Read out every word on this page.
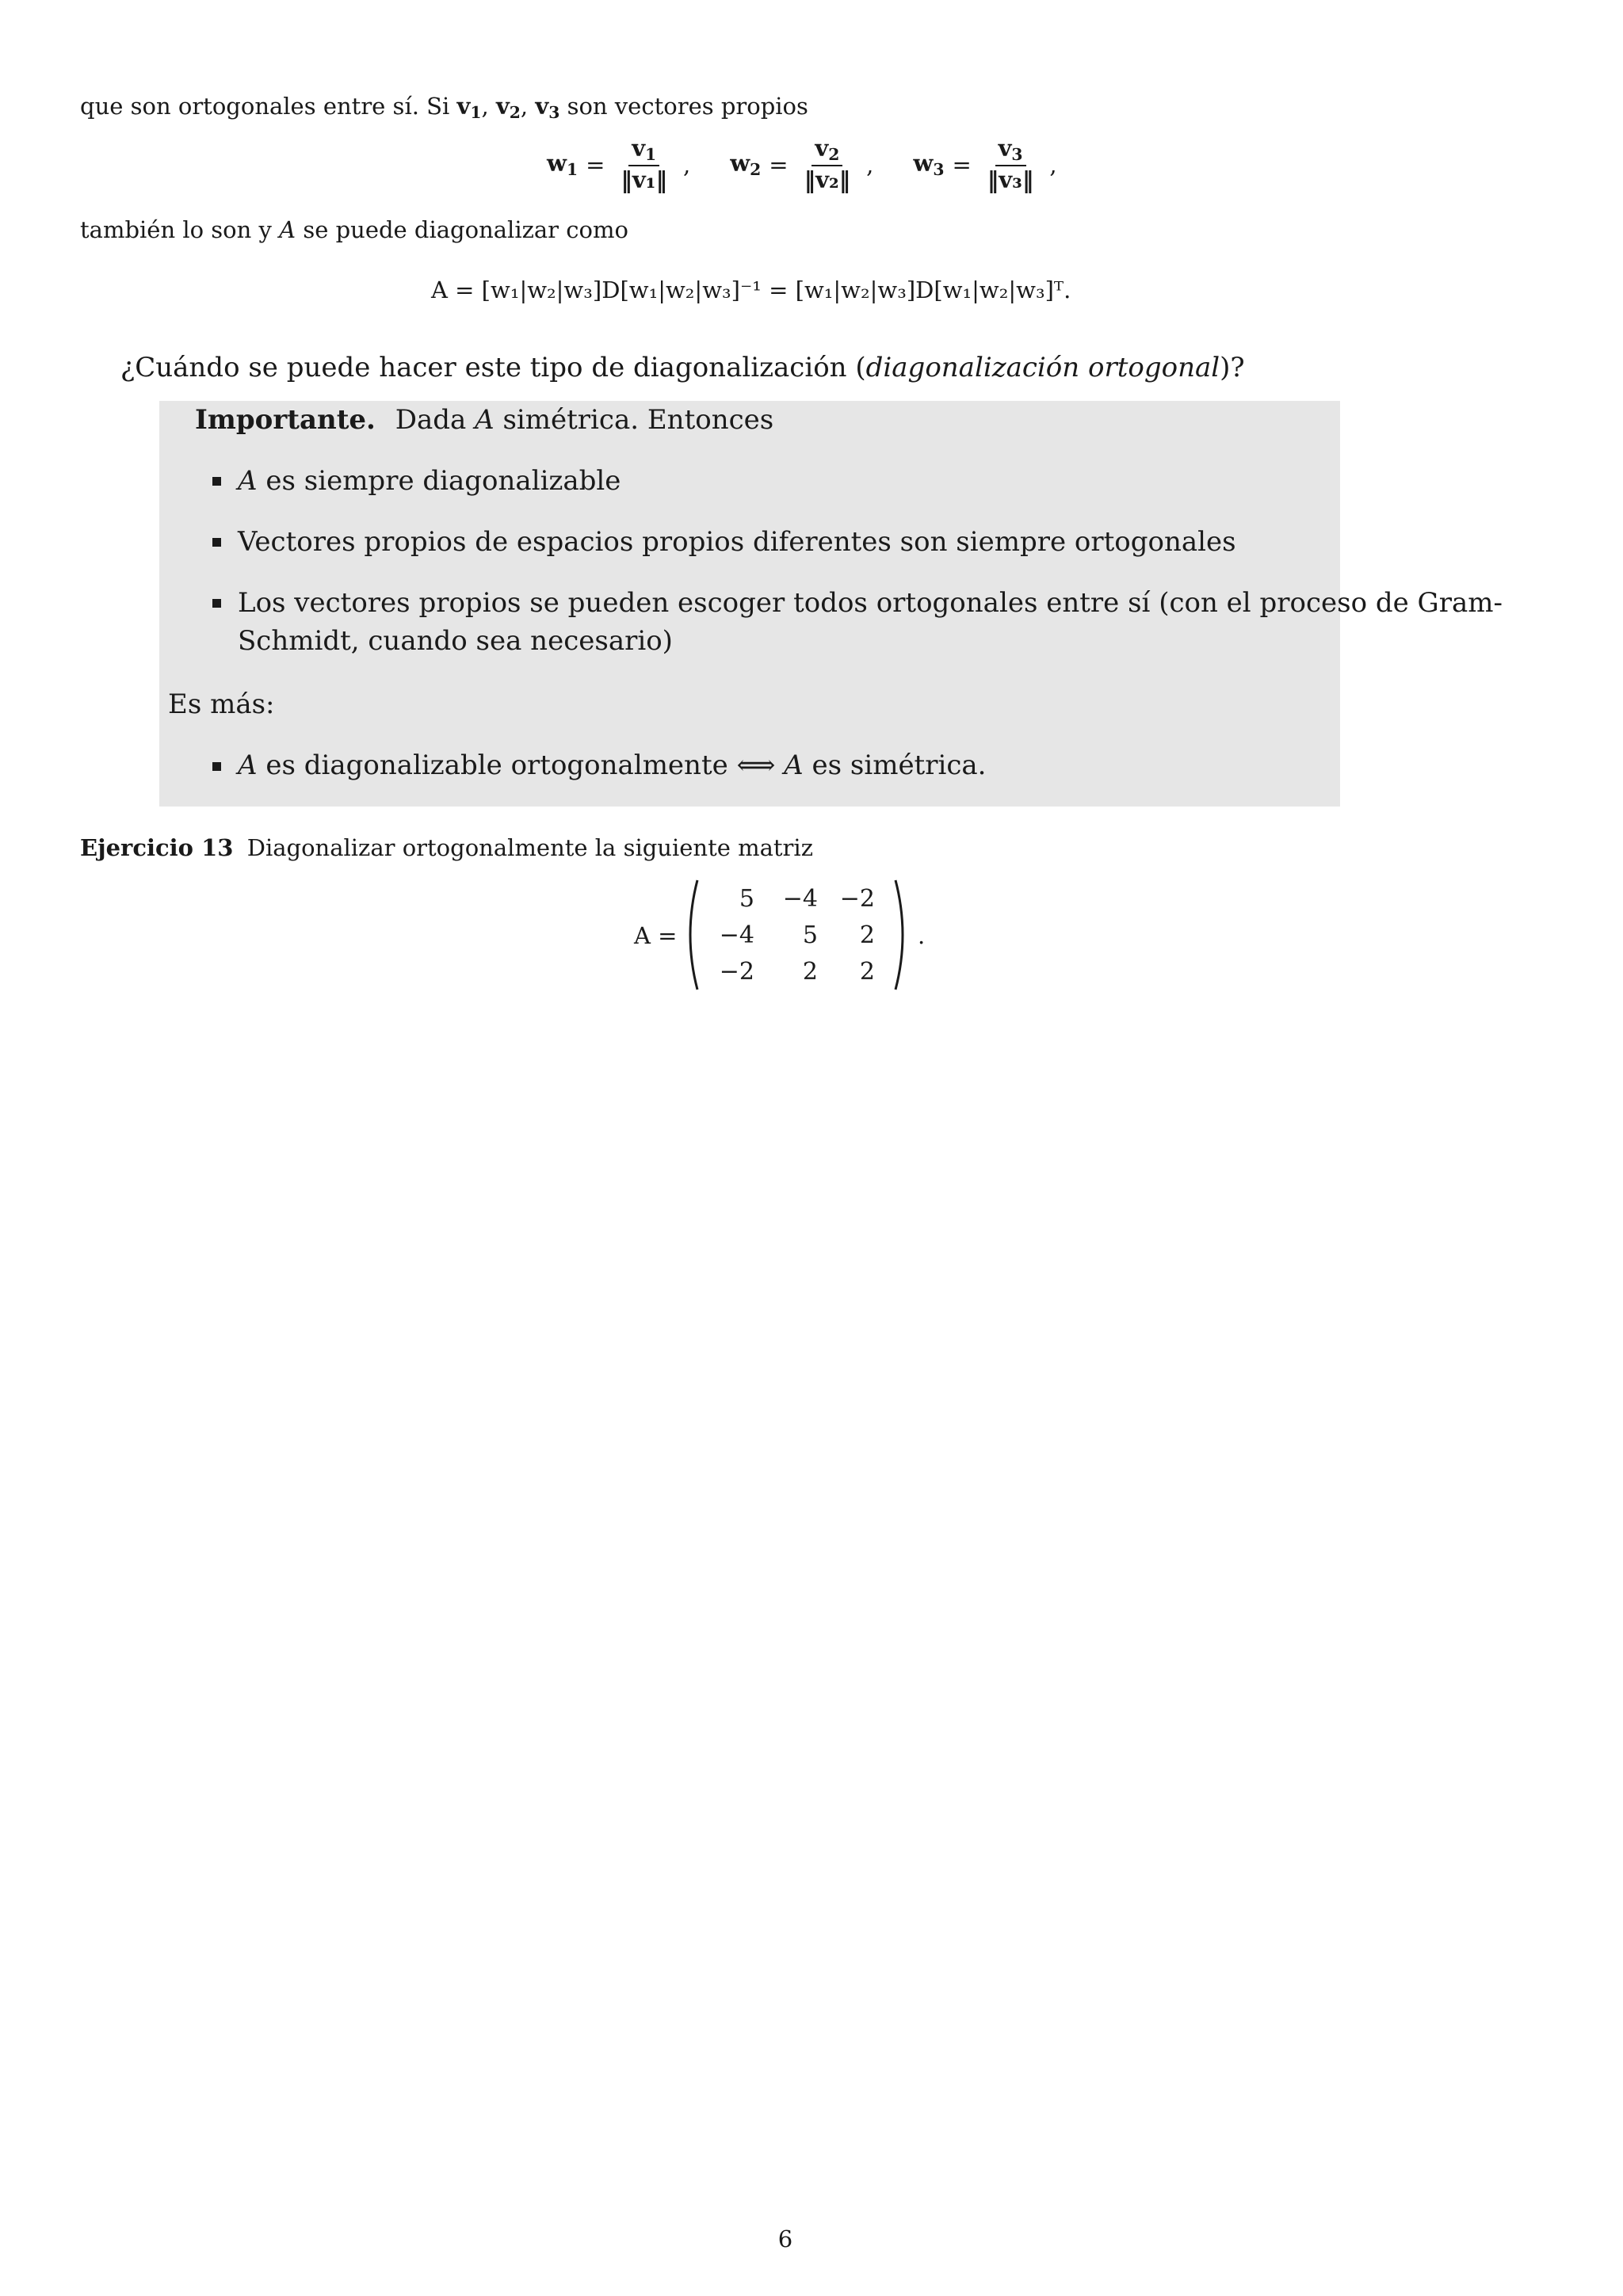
que son ortogonales entre sí. Si $v_1$, $v_2$, $v_3$ son vectores propios
$w_1 = \frac{v_1}{\text{‖v₁‖}}$ , $w_2 = \frac{v_2}{\text{‖v₂‖}}$ , $w_3 = \frac{v_3}{\text{‖v₃‖}}$ ,
también lo son y A se puede diagonalizar como
A = [w₁|w₂|w₃]D[w₁|w₂|w₃]⁻¹ = [w₁|w₂|w₃]D[w₁|w₂|w₃]ᵀ.
¿Cuándo se puede hacer este tipo de diagonalización (diagonalización ortogonal)?
Importante. Dada A simétrica. Entonces
A es siempre diagonalizable
Vectores propios de espacios propios diferentes son siempre ortogonales
Los vectores propios se pueden escoger todos ortogonales entre sí (con el proceso de Gram-
Schmidt, cuando sea necesario)
Es más:
A es diagonalizable ortogonalmente ⟺ A es simétrica.
Ejercicio 13 Diagonalizar ortogonalmente la siguiente matriz
A =
5	−4 −2
−4	5	2
−2	2	2
.
6
